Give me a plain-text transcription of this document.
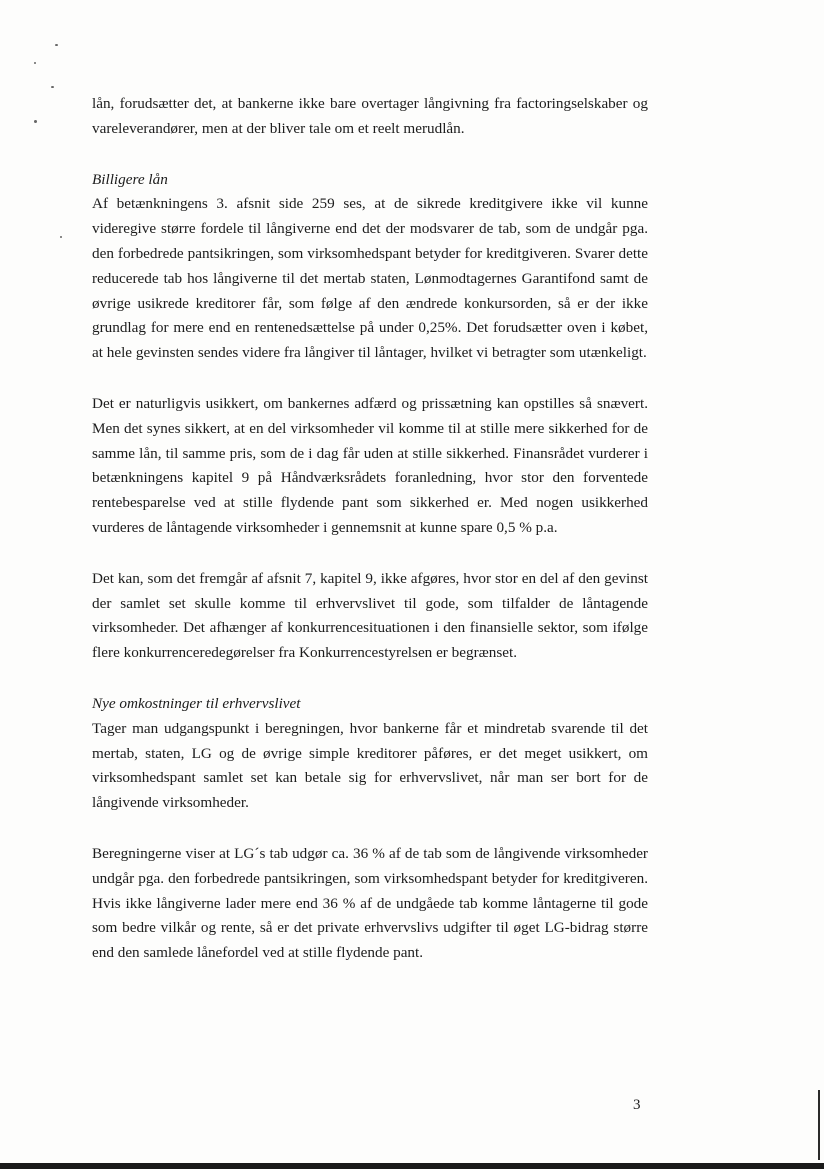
lån, forudsætter det, at bankerne ikke bare overtager långivning fra factoringselskaber og vareleverandører, men at der bliver tale om et reelt merudlån.

Billigere lån

Af betænkningens 3. afsnit side 259 ses, at de sikrede kreditgivere ikke vil kunne videregive større fordele til långiverne end det der modsvarer de tab, som de undgår pga. den forbedrede pantsikringen, som virksomhedspant betyder for kreditgiveren. Svarer dette reducerede tab hos långiverne til det mertab staten, Lønmodtagernes Garantifond samt de øvrige usikrede kreditorer får, som følge af den ændrede konkursorden, så er der ikke grundlag for mere end en rentenedsættelse på under 0,25%. Det forudsætter oven i købet, at hele gevinsten sendes videre fra långiver til låntager, hvilket vi betragter som utænkeligt.

Det er naturligvis usikkert, om bankernes adfærd og prissætning kan opstilles så snævert. Men det synes sikkert, at en del virksomheder vil komme til at stille mere sikkerhed for de samme lån, til samme pris, som de i dag får uden at stille sikkerhed. Finansrådet vurderer i betænkningens kapitel 9 på Håndværksrådets foranledning, hvor stor den forventede rentebesparelse ved at stille flydende pant som sikkerhed er. Med nogen usikkerhed vurderes de låntagende virksomheder i gennemsnit at kunne spare 0,5 % p.a.

Det kan, som det fremgår af afsnit 7, kapitel 9, ikke afgøres, hvor stor en del af den gevinst der samlet set skulle komme til erhvervslivet til gode, som tilfalder de låntagende virksomheder. Det afhænger af konkurrencesituationen i den finansielle sektor, som ifølge flere konkurrenceredegørelser fra Konkurrencestyrelsen er begrænset.

Nye omkostninger til erhvervslivet

Tager man udgangspunkt i beregningen, hvor bankerne får et mindretab svarende til det mertab, staten, LG og de øvrige simple kreditorer påføres, er det meget usikkert, om virksomhedspant samlet set kan betale sig for erhvervslivet, når man ser bort for de långivende virksomheder.

Beregningerne viser at LG´s tab udgør ca. 36 % af de tab som de långivende virksomheder undgår pga. den forbedrede pantsikringen, som virksomhedspant betyder for kreditgiveren. Hvis ikke långiverne lader mere end 36 % af de undgåede tab komme låntagerne til gode som bedre vilkår og rente, så er det private erhvervslivs udgifter til øget LG-bidrag større end den samlede lånefordel ved at stille flydende pant.

3
